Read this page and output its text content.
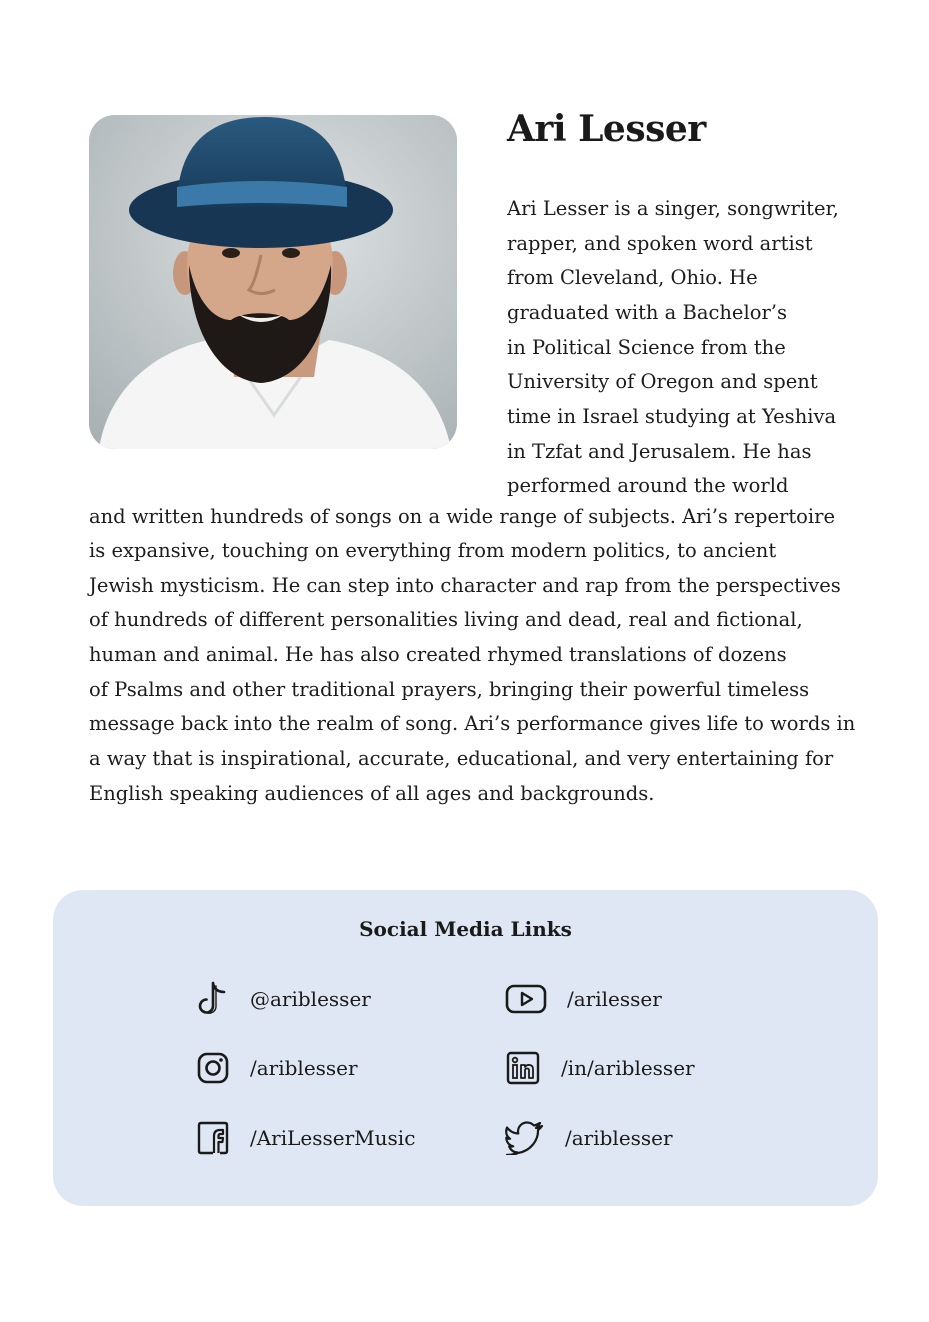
Ari Lesser
Ari Lesser is a singer, songwriter,
rapper, and spoken word artist
from Cleveland, Ohio. He
graduated with a Bachelor’s
in Political Science from the
University of Oregon and spent
time in Israel studying at Yeshiva
in Tzfat and Jerusalem. He has
performed around the world
and written hundreds of songs on a wide range of subjects. Ari’s repertoire
is expansive, touching on everything from modern politics, to ancient
Jewish mysticism. He can step into character and rap from the perspectives
of hundreds of different personalities living and dead, real and fictional,
human and animal. He has also created rhymed translations of dozens
of Psalms and other traditional prayers, bringing their powerful timeless
message back into the realm of song. Ari’s performance gives life to words in
a way that is inspirational, accurate, educational, and very entertaining for
English speaking audiences of all ages and backgrounds.
Social Media Links
@ariblesser	/arilesser
/ariblesser	/in/ariblesser
/AriLesserMusic	/ariblesser
